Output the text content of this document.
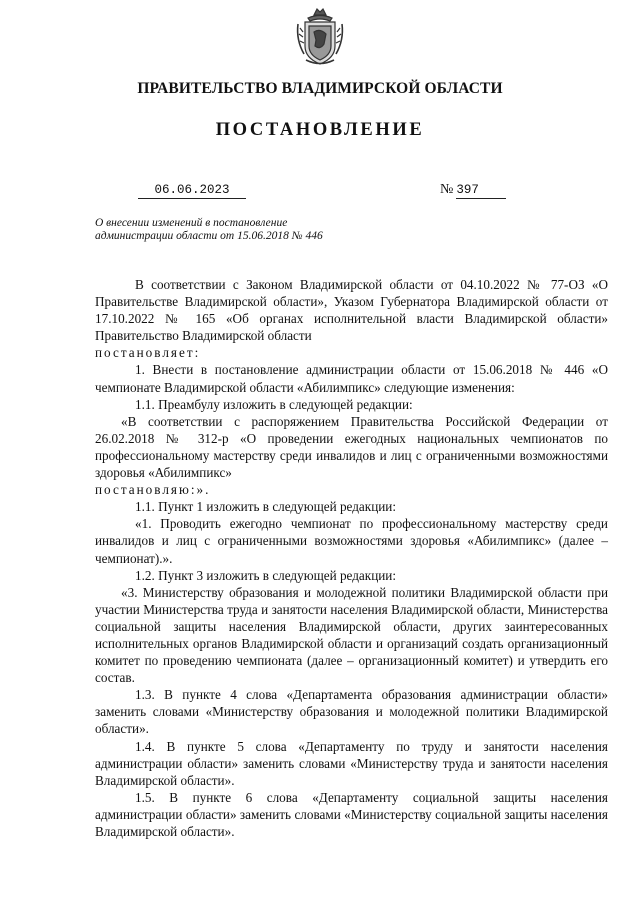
ПРАВИТЕЛЬСТВО ВЛАДИМИРСКОЙ ОБЛАСТИ
ПОСТАНОВЛЕНИЕ
06.06.2023	№ 397
О внесении изменений в постановление администрации области от 15.06.2018 № 446

В соответствии с Законом Владимирской области от 04.10.2022 № 77-ОЗ «О Правительстве Владимирской области», Указом Губернатора Владимирской области от 17.10.2022 № 165 «Об органах исполнительной власти Владимирской области» Правительство Владимирской области

постановляет:

1. Внести в постановление администрации области от 15.06.2018 № 446 «О чемпионате Владимирской области «Абилимпикс» следующие изменения:

1.1. Преамбулу изложить в следующей редакции:

«В соответствии с распоряжением Правительства Российской Федерации от 26.02.2018 № 312-р «О проведении ежегодных национальных чемпионатов по профессиональному мастерству среди инвалидов и лиц с ограниченными возможностями здоровья «Абилимпикс»

постановляю:».

1.1. Пункт 1 изложить в следующей редакции:

«1. Проводить ежегодно чемпионат по профессиональному мастерству среди инвалидов и лиц с ограниченными возможностями здоровья «Абилимпикс» (далее – чемпионат).».

1.2. Пункт 3 изложить в следующей редакции:

«3. Министерству образования и молодежной политики Владимирской области при участии Министерства труда и занятости населения Владимирской области, Министерства социальной защиты населения Владимирской области, других заинтересованных исполнительных органов Владимирской области и организаций создать организационный комитет по проведению чемпионата (далее – организационный комитет) и утвердить его состав.

1.3. В пункте 4 слова «Департамента образования администрации области» заменить словами «Министерству образования и молодежной политики Владимирской области».

1.4. В пункте 5 слова «Департаменту по труду и занятости населения администрации области» заменить словами «Министерству труда и занятости населения Владимирской области».

1.5. В пункте 6 слова «Департаменту социальной защиты населения администрации области» заменить словами «Министерству социальной защиты населения Владимирской области».
